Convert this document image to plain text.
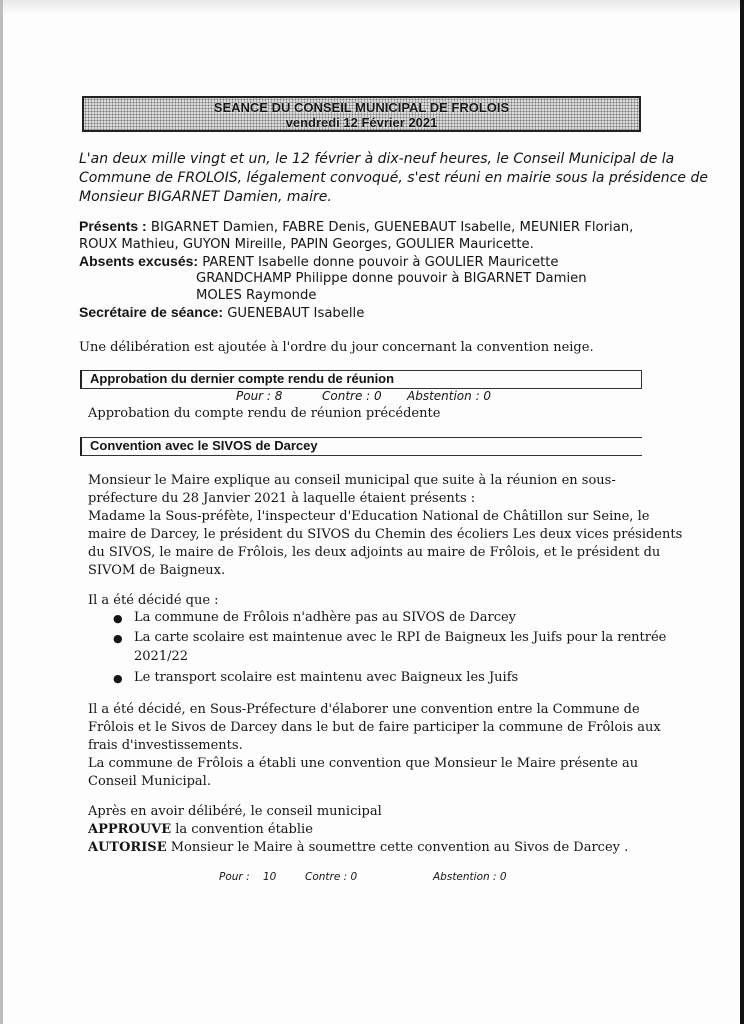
SEANCE DU CONSEIL MUNICIPAL DE FROLOIS
vendredi 12 Février 2021
L'an deux mille vingt et un, le 12 février à dix-neuf heures, le Conseil Municipal de la
Commune de FROLOIS, légalement convoqué, s'est réuni en mairie sous la présidence de
Monsieur BIGARNET Damien, maire.
Présents : BIGARNET Damien, FABRE Denis, GUENEBAUT Isabelle, MEUNIER Florian,
ROUX Mathieu, GUYON Mireille, PAPIN Georges, GOULIER Mauricette.
Absents excusés: PARENT Isabelle donne pouvoir à GOULIER Mauricette
GRANDCHAMP Philippe donne pouvoir à BIGARNET Damien
MOLES Raymonde
Secrétaire de séance: GUENEBAUT Isabelle
Une délibération est ajoutée à l'ordre du jour concernant la convention neige.
Approbation du dernier compte rendu de réunion
Pour : 8	Contre : 0 Abstention : 0
Approbation du compte rendu de réunion précédente
Convention avec le SIVOS de Darcey
Monsieur le Maire explique au conseil municipal que suite à la réunion en sous-
préfecture du 28 Janvier 2021 à laquelle étaient présents :
Madame la Sous-préfète, l'inspecteur d'Education National de Châtillon sur Seine, le
maire de Darcey, le président du SIVOS du Chemin des écoliers Les deux vices présidents
du SIVOS, le maire de Frôlois, les deux adjoints au maire de Frôlois, et le président du
SIVOM de Baigneux.
Il a été décidé que :
● La commune de Frôlois n'adhère pas au SIVOS de Darcey
● La carte scolaire est maintenue avec le RPI de Baigneux les Juifs pour la rentrée
2021/22
● Le transport scolaire est maintenu avec Baigneux les Juifs
Il a été décidé, en Sous-Préfecture d'élaborer une convention entre la Commune de
Frôlois et le Sivos de Darcey dans le but de faire participer la commune de Frôlois aux
frais d'investissements.
La commune de Frôlois a établi une convention que Monsieur le Maire présente au
Conseil Municipal.
Après en avoir délibéré, le conseil municipal
APPROUVE la convention établie
AUTORISE Monsieur le Maire à soumettre cette convention au Sivos de Darcey .
Pour : 10	Contre : 0	Abstention : 0
